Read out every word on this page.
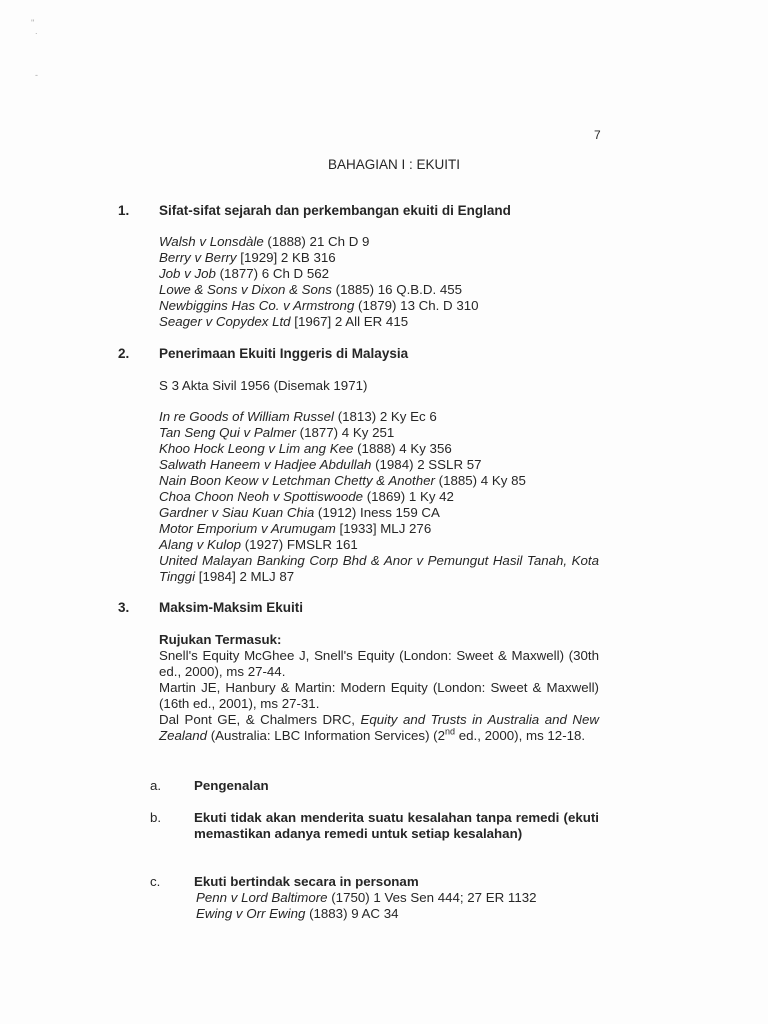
''
.
‐
7
BAHAGIAN I : EKUITI
1. Sifat-sifat sejarah dan perkembangan ekuiti di England
Walsh v Lonsdàle (1888) 21 Ch D 9
Berry v Berry [1929] 2 KB 316
Job v Job (1877) 6 Ch D 562
Lowe & Sons v Dixon & Sons (1885) 16 Q.B.D. 455
Newbiggins Has Co. v Armstrong (1879) 13 Ch. D 310
Seager v Copydex Ltd [1967] 2 All ER 415
2. Penerimaan Ekuiti Inggeris di Malaysia
S 3 Akta Sivil 1956 (Disemak 1971)
In re Goods of William Russel (1813) 2 Ky Ec 6
Tan Seng Qui v Palmer (1877) 4 Ky 251
Khoo Hock Leong v Lim ang Kee (1888) 4 Ky 356
Salwath Haneem v Hadjee Abdullah (1984) 2 SSLR 57
Nain Boon Keow v Letchman Chetty & Another (1885) 4 Ky 85
Choa Choon Neoh v Spottiswoode (1869) 1 Ky 42
Gardner v Siau Kuan Chia (1912) Iness 159 CA
Motor Emporium v Arumugam [1933] MLJ 276
Alang v Kulop (1927) FMSLR 161
United Malayan Banking Corp Bhd & Anor v Pemungut Hasil Tanah, Kota Tinggi [1984] 2 MLJ 87
3. Maksim-Maksim Ekuiti
Rujukan Termasuk:
Snell's Equity McGhee J, Snell's Equity (London: Sweet & Maxwell) (30th ed., 2000), ms 27-44.
Martin JE, Hanbury & Martin: Modern Equity (London: Sweet & Maxwell) (16th ed., 2001), ms 27-31.
Dal Pont GE, & Chalmers DRC, Equity and Trusts in Australia and New Zealand (Australia: LBC Information Services) (2nd ed., 2000), ms 12-18.
a. Pengenalan
b. Ekuti tidak akan menderita suatu kesalahan tanpa remedi (ekuti memastikan adanya remedi untuk setiap kesalahan)
c.	Ekuti bertindak secara in personam
Penn v Lord Baltimore (1750) 1 Ves Sen 444; 27 ER 1132
Ewing v Orr Ewing (1883) 9 AC 34
